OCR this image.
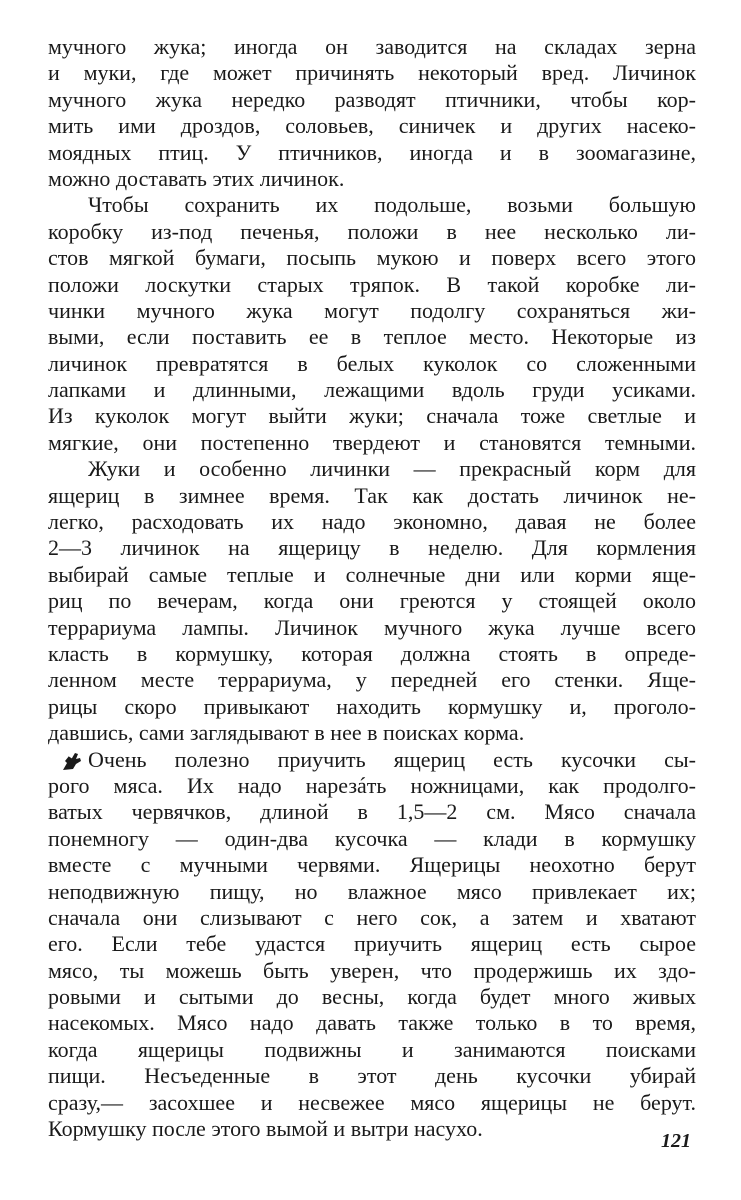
мучного жука; иногда он заводится на складах зерна
и муки, где может причинять некоторый вред. Личинок
мучного жука нередко разводят птичники, чтобы кор-
мить ими дроздов, соловьев, синичек и других насеко-
моядных птиц. У птичников, иногда и в зоомагазине,
можно доставать этих личинок.
Чтобы сохранить их подольше, возьми большую
коробку из-под печенья, положи в нее несколько ли-
стов мягкой бумаги, посыпь мукою и поверх всего этого
положи лоскутки старых тряпок. В такой коробке ли-
чинки мучного жука могут подолгу сохраняться жи-
выми, если поставить ее в теплое место. Некоторые из
личинок превратятся в белых куколок со сложенными
лапками и длинными, лежащими вдоль груди усиками.
Из куколок могут выйти жуки; сначала тоже светлые и
мягкие, они постепенно твердеют и становятся темными.
Жуки и особенно личинки — прекрасный корм для
ящериц в зимнее время. Так как достать личинок не-
легко, расходовать их надо экономно, давая не более
2—3 личинок на ящерицу в неделю. Для кормления
выбирай самые теплые и солнечные дни или корми яще-
риц по вечерам, когда они греются у стоящей около
террариума лампы. Личинок мучного жука лучше всего
класть в кормушку, которая должна стоять в опреде-
ленном месте террариума, у передней его стенки. Яще-
рицы скоро привыкают находить кормушку и, проголо-
давшись, сами заглядывают в нее в поисках корма.
Очень полезно приучить ящериц есть кусочки сы-
рого мяса. Их надо нарезáть ножницами, как продолго-
ватых червячков, длиной в 1,5—2 см. Мясо сначала
понемногу — один-два кусочка — клади в кормушку
вместе с мучными червями. Ящерицы неохотно берут
неподвижную пищу, но влажное мясо привлекает их;
сначала они слизывают с него сок, а затем и хватают
его. Если тебе удастся приучить ящериц есть сырое
мясо, ты можешь быть уверен, что продержишь их здо-
ровыми и сытыми до весны, когда будет много живых
насекомых. Мясо надо давать также только в то время,
когда ящерицы подвижны и занимаются поисками
пищи. Несъеденные в этот день кусочки убирай
сразу,— засохшее и несвежее мясо ящерицы не берут.
Кормушку после этого вымой и вытри насухо.	121
